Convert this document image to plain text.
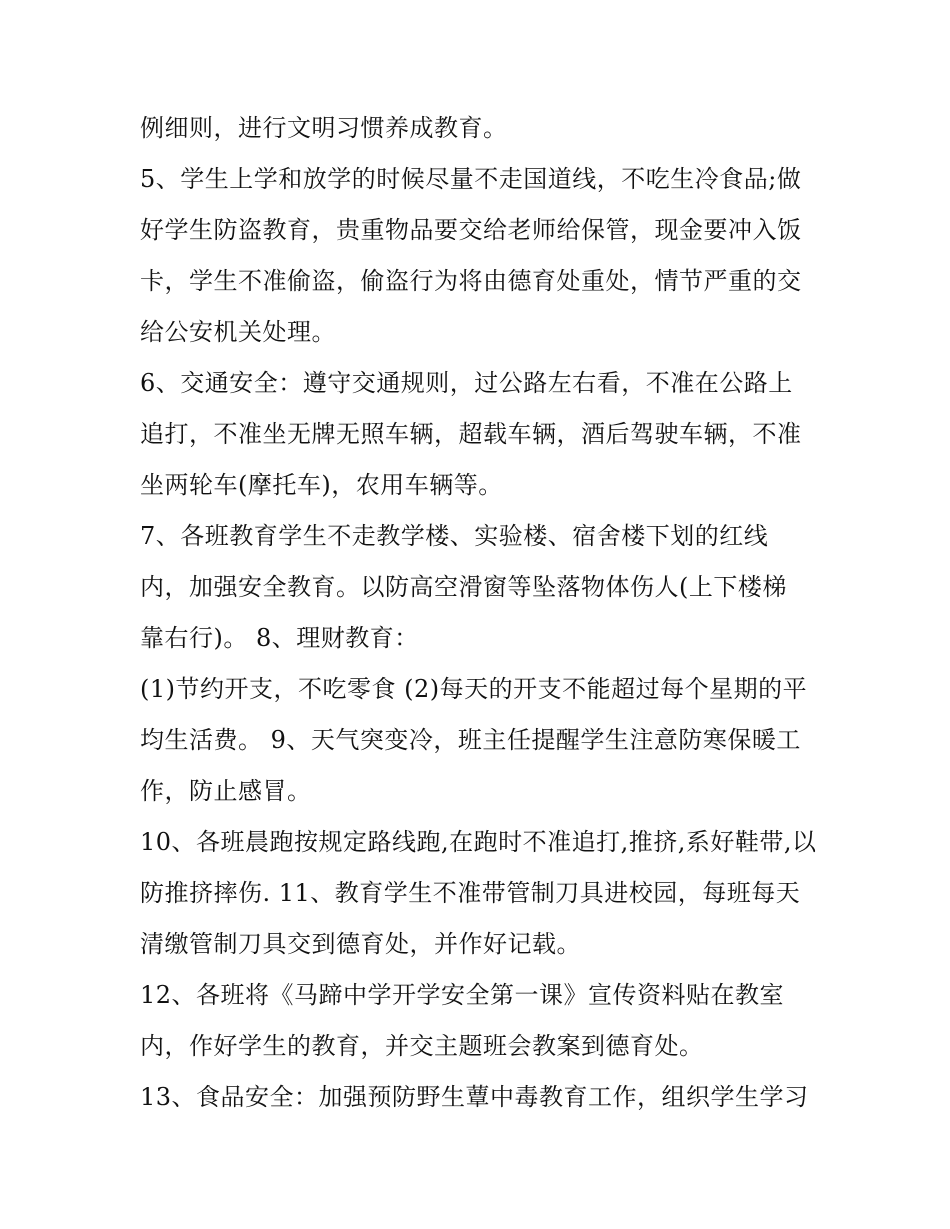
例细则，进行文明习惯养成教育。
5、学生上学和放学的时候尽量不走国道线，不吃生冷食品;做
好学生防盗教育，贵重物品要交给老师给保管，现金要冲入饭
卡，学生不准偷盗，偷盗行为将由德育处重处，情节严重的交
给公安机关处理。
6、交通安全：遵守交通规则，过公路左右看，不准在公路上
追打，不准坐无牌无照车辆，超载车辆，酒后驾驶车辆，不准
坐两轮车(摩托车)，农用车辆等。
7、各班教育学生不走教学楼、实验楼、宿舍楼下划的红线
内，加强安全教育。以防高空滑窗等坠落物体伤人(上下楼梯
靠右行)。 8、理财教育：
(1)节约开支，不吃零食 (2)每天的开支不能超过每个星期的平
均生活费。 9、天气突变冷，班主任提醒学生注意防寒保暖工
作，防止感冒。
10、各班晨跑按规定路线跑,在跑时不准追打,推挤,系好鞋带,以
防推挤摔伤. 11、教育学生不准带管制刀具进校园，每班每天
清缴管制刀具交到德育处，并作好记载。
12、各班将《马蹄中学开学安全第一课》宣传资料贴在教室
内，作好学生的教育，并交主题班会教案到德育处。
13、食品安全：加强预防野生蕈中毒教育工作，组织学生学习
